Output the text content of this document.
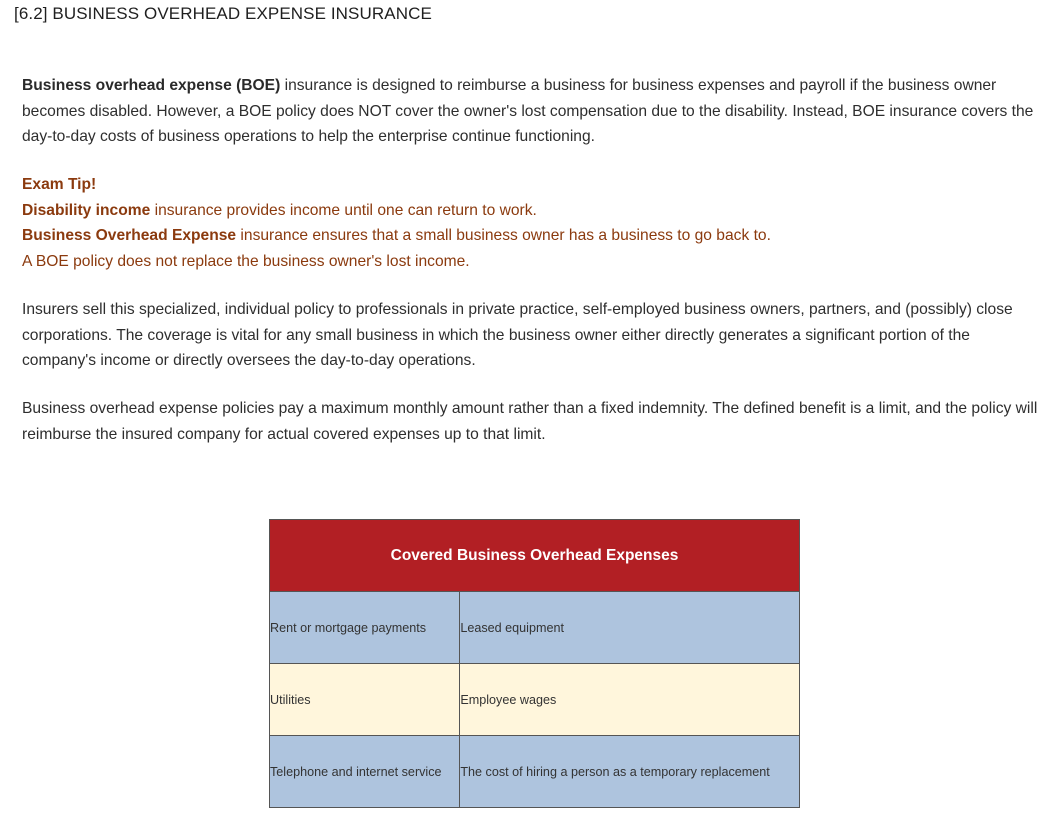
[6.2] BUSINESS OVERHEAD EXPENSE INSURANCE

Business overhead expense (BOE) insurance is designed to reimburse a business for business expenses and payroll if the business owner becomes disabled. However, a BOE policy does NOT cover the owner's lost compensation due to the disability. Instead, BOE insurance covers the day-to-day costs of business operations to help the enterprise continue functioning.

Exam Tip!
Disability income insurance provides income until one can return to work.
Business Overhead Expense insurance ensures that a small business owner has a business to go back to.
A BOE policy does not replace the business owner's lost income.

Insurers sell this specialized, individual policy to professionals in private practice, self-employed business owners, partners, and (possibly) close corporations. The coverage is vital for any small business in which the business owner either directly generates a significant portion of the company's income or directly oversees the day-to-day operations.

Business overhead expense policies pay a maximum monthly amount rather than a fixed indemnity. The defined benefit is a limit, and the policy will reimburse the insured company for actual covered expenses up to that limit.

Covered Business Overhead Expenses	
Rent or mortgage payments	Leased equipment
Utilities	Employee wages
Telephone and internet service	The cost of hiring a person as a temporary replacement
